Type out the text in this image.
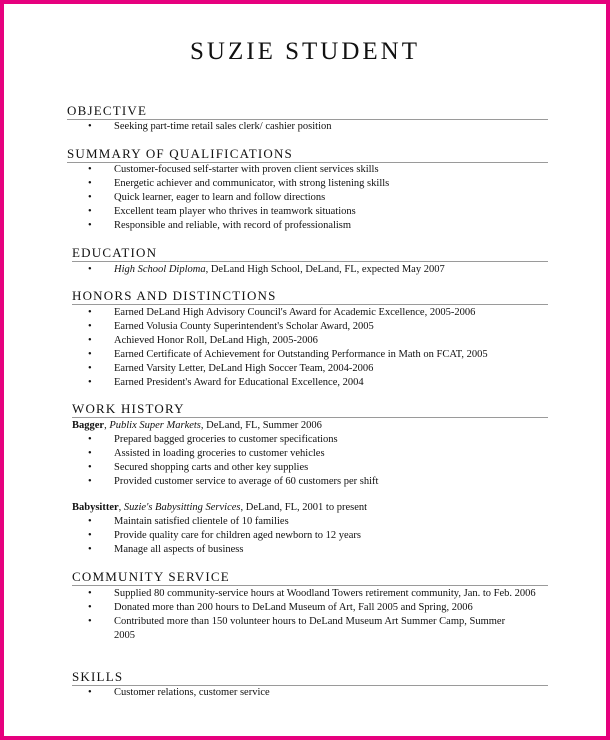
SUZIE STUDENT
OBJECTIVE
• Seeking part-time retail sales clerk/ cashier position
SUMMARY OF QUALIFICATIONS
• Customer-focused self-starter with proven client services skills
• Energetic achiever and communicator, with strong listening skills
• Quick learner, eager to learn and follow directions
• Excellent team player who thrives in teamwork situations
• Responsible and reliable, with record of professionalism
EDUCATION
• High School Diploma, DeLand High School, DeLand, FL, expected May 2007
HONORS AND DISTINCTIONS
• Earned DeLand High Advisory Council's Award for Academic Excellence, 2005-2006
• Earned Volusia County Superintendent's Scholar Award, 2005
• Achieved Honor Roll, DeLand High, 2005-2006
• Earned Certificate of Achievement for Outstanding Performance in Math on FCAT, 2005
• Earned Varsity Letter, DeLand High Soccer Team, 2004-2006
• Earned President's Award for Educational Excellence, 2004
WORK HISTORY
Bagger, Publix Super Markets, DeLand, FL, Summer 2006
• Prepared bagged groceries to customer specifications
• Assisted in loading groceries to customer vehicles
• Secured shopping carts and other key supplies
• Provided customer service to average of 60 customers per shift
Babysitter, Suzie's Babysitting Services, DeLand, FL, 2001 to present
• Maintain satisfied clientele of 10 families
• Provide quality care for children aged newborn to 12 years
• Manage all aspects of business
COMMUNITY SERVICE
• Supplied 80 community-service hours at Woodland Towers retirement community, Jan. to Feb. 2006
• Donated more than 200 hours to DeLand Museum of Art, Fall 2005 and Spring, 2006
• Contributed more than 150 volunteer hours to DeLand Museum Art Summer Camp, Summer 2005
SKILLS
• Customer relations, customer service
